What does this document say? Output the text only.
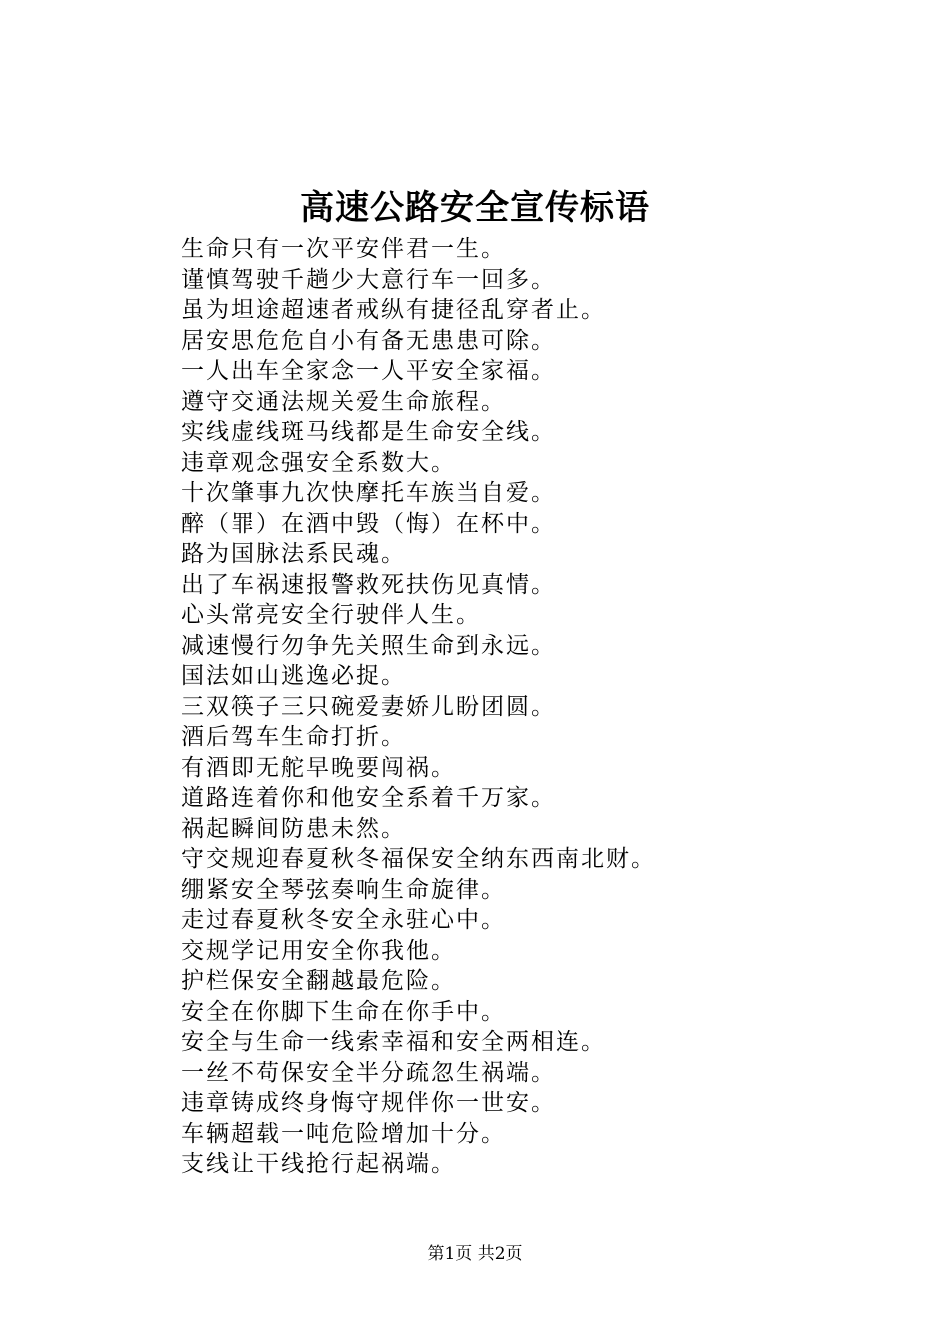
高速公路安全宣传标语
生命只有一次平安伴君一生。
谨慎驾驶千趟少大意行车一回多。
虽为坦途超速者戒纵有捷径乱穿者止。
居安思危危自小有备无患患可除。
一人出车全家念一人平安全家福。
遵守交通法规关爱生命旅程。
实线虚线斑马线都是生命安全线。
违章观念强安全系数大。
十次肇事九次快摩托车族当自爱。
醉（罪）在酒中毁（悔）在杯中。
路为国脉法系民魂。
出了车祸速报警救死扶伤见真情。
心头常亮安全行驶伴人生。
减速慢行勿争先关照生命到永远。
国法如山逃逸必捉。
三双筷子三只碗爱妻娇儿盼团圆。
酒后驾车生命打折。
有酒即无舵早晚要闯祸。
道路连着你和他安全系着千万家。
祸起瞬间防患未然。
守交规迎春夏秋冬福保安全纳东西南北财。
绷紧安全琴弦奏响生命旋律。
走过春夏秋冬安全永驻心中。
交规学记用安全你我他。
护栏保安全翻越最危险。
安全在你脚下生命在你手中。
安全与生命一线索幸福和安全两相连。
一丝不苟保安全半分疏忽生祸端。
违章铸成终身悔守规伴你一世安。
车辆超载一吨危险增加十分。
支线让干线抢行起祸端。
第1页 共2页
